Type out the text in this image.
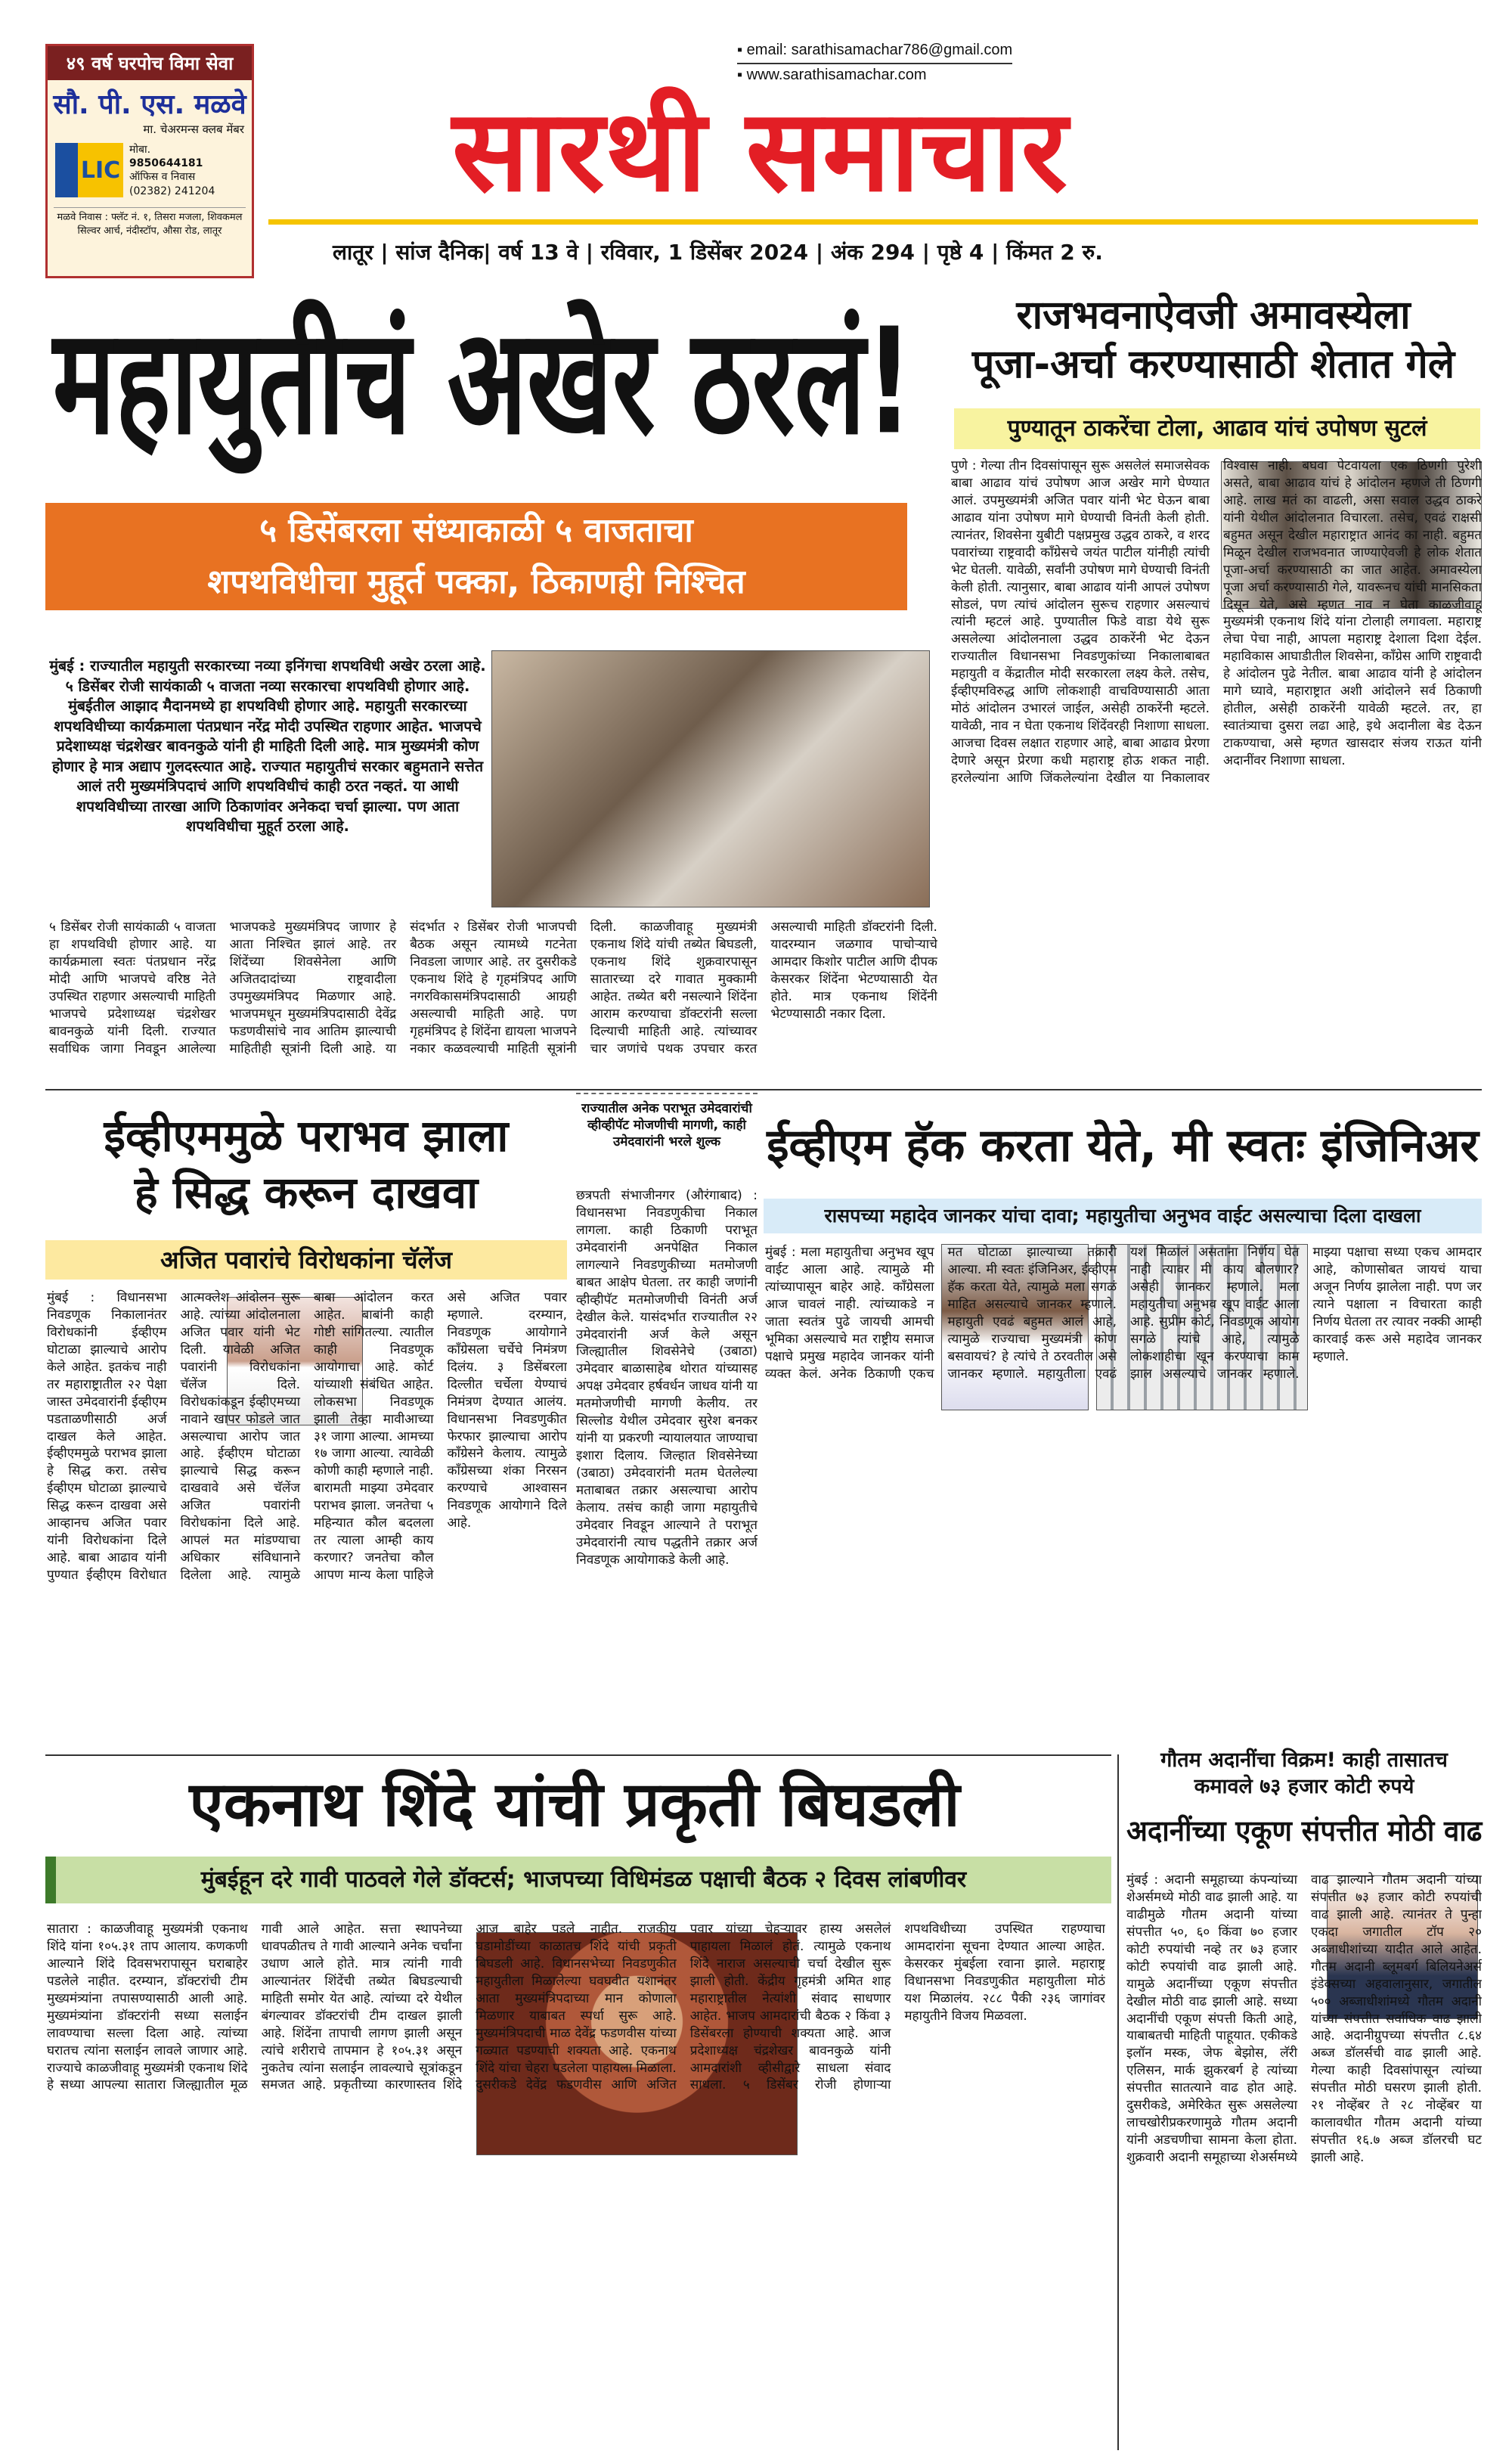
४९ वर्ष घरपोच विमा सेवा
सौ. पी. एस. मळवे
मा. चेअरमन्स क्लब मेंबर
LIC
मोबा.
9850644181
ऑफिस व निवास
(02382) 241204
मळवे निवास : फ्लॅट नं. १, तिसरा मजला, शिवकमल सिल्वर आर्च, नंदीस्टॉप, औसा रोड, लातूर
▪ email: sarathisamachar786@gmail.com
▪ www.sarathisamachar.com
सारथी समाचार
लातूर | सांज दैनिक| वर्ष 13 वे | रविवार, 1 डिसेंबर 2024 | अंक 294 | पृष्ठे 4 | किंमत 2 रु.
महायुतीचं अखेर ठरलं!
५ डिसेंबरला संध्याकाळी ५ वाजताचा
शपथविधीचा मुहूर्त पक्का, ठिकाणही निश्चित
मुंबई : राज्यातील महायुती सरकारच्या नव्या इनिंगचा शपथविधी अखेर ठरला आहे. ५ डिसेंबर रोजी सायंकाळी ५ वाजता नव्या सरकारचा शपथविधी होणार आहे. मुंबईतील आझाद मैदानमध्ये हा शपथविधी होणार आहे. महायुती सरकारच्या शपथविधीच्या कार्यक्रमाला पंतप्रधान नरेंद्र मोदी उपस्थित राहणार आहेत. भाजपचे प्रदेशाध्यक्ष चंद्रशेखर बावनकुळे यांनी ही माहिती दिली आहे. मात्र मुख्यमंत्री कोण होणार हे मात्र अद्याप गुलदस्त्यात आहे. राज्यात महायुतीचं सरकार बहुमताने सत्तेत आलं तरी मुख्यमंत्रिपदाचं आणि शपथविधीचं काही ठरत नव्हतं. या आधी शपथविधीच्या तारखा आणि ठिकाणांवर अनेकदा चर्चा झाल्या. पण आता शपथविधीचा मुहूर्त ठरला आहे.
५ डिसेंबर रोजी सायंकाळी ५ वाजता हा शपथविधी होणार आहे. या कार्यक्रमाला स्वतः पंतप्रधान नरेंद्र मोदी आणि भाजपचे वरिष्ठ नेते उपस्थित राहणार असल्याची माहिती भाजपचे प्रदेशाध्यक्ष चंद्रशेखर बावनकुळे यांनी दिली. राज्यात सर्वाधिक जागा निवडून आलेल्या भाजपकडे मुख्यमंत्रिपद जाणार हे आता निश्चित झालं आहे. तर शिंदेंच्या शिवसेनेला आणि अजितदादांच्या राष्ट्रवादीला उपमुख्यमंत्रिपद मिळणार आहे. भाजपमधून मुख्यमंत्रिपदासाठी देवेंद्र फडणवीसांचे नाव आतिम झाल्याची माहितीही सूत्रांनी दिली आहे. या संदर्भात २ डिसेंबर रोजी भाजपची बैठक असून त्यामध्ये गटनेता निवडला जाणार आहे. तर दुसरीकडे एकनाथ शिंदे हे गृहमंत्रिपद आणि नगरविकासमंत्रिपदासाठी आग्रही असल्याची माहिती आहे. पण गृहमंत्रिपद हे शिंदेंना द्यायला भाजपने नकार कळवल्याची माहिती सूत्रांनी दिली. काळजीवाहू मुख्यमंत्री एकनाथ शिंदे यांची तब्येत बिघडली, एकनाथ शिंदे शुक्रवारपासून सातारच्या दरे गावात मुक्कामी आहेत. तब्येत बरी नसल्याने शिंदेंना आराम करण्याचा डॉक्टरांनी सल्ला दिल्याची माहिती आहे. त्यांच्यावर चार जणांचे पथक उपचार करत असल्याची माहिती डॉक्टरांनी दिली. यादरम्यान जळगाव पाचोऱ्याचे आमदार किशोर पाटील आणि दीपक केसरकर शिंदेंना भेटण्यासाठी येत होते. मात्र एकनाथ शिंदेंनी भेटण्यासाठी नकार दिला.
राजभवनाऐवजी अमावस्येला
पूजा-अर्चा करण्यासाठी शेतात गेले
पुण्यातून ठाकरेंचा टोला, आढाव यांचं उपोषण सुटलं
पुणे : गेल्या तीन दिवसांपासून सुरू असलेलं समाजसेवक बाबा आढाव यांचं उपोषण आज अखेर मागे घेण्यात आलं. उपमुख्यमंत्री अजित पवार यांनी भेट घेऊन बाबा आढाव यांना उपोषण मागे घेण्याची विनंती केली होती. त्यानंतर, शिवसेना युबीटी पक्षप्रमुख उद्धव ठाकरे, व शरद पवारांच्या राष्ट्रवादी काँग्रेसचे जयंत पाटील यांनीही त्यांची भेट घेतली. यावेळी, सर्वांनी उपोषण मागे घेण्याची विनंती केली होती. त्यानुसार, बाबा आढाव यांनी आपलं उपोषण सोडलं, पण त्यांचं आंदोलन सुरूच राहणार असल्याचं त्यांनी म्हटलं आहे. पुण्यातील फिडे वाडा येथे सुरू असलेल्या आंदोलनाला उद्धव ठाकरेंनी भेट देऊन राज्यातील विधानसभा निवडणुकांच्या निकालाबाबत महायुती व केंद्रातील मोदी सरकारला लक्ष्य केले. तसेच, ईव्हीएमविरुद्ध आणि लोकशाही वाचविण्यासाठी आता मोठं आंदोलन उभारलं जाईल, असेही ठाकरेंनी म्हटले. यावेळी, नाव न घेता एकनाथ शिंदेंवरही निशाणा साधला. आजचा दिवस लक्षात राहणार आहे, बाबा आढाव प्रेरणा देणारे असून प्रेरणा कधी महाराष्ट्र होऊ शकत नाही. हरलेल्यांना आणि जिंकलेल्यांना देखील या निकालावर विश्वास नाही. बघवा पेटवायला एक ठिणगी पुरेशी असते, बाबा आढाव यांचं हे आंदोलन म्हणजे ती ठिणगी आहे. लाख मतं का वाढली, असा सवाल उद्धव ठाकरे यांनी येथील आंदोलनात विचारला. तसेच, एवढं राक्षसी बहुमत असून देखील महाराष्ट्रात आनंद का नाही. बहुमत मिळून देखील राजभवनात जाण्याऐवजी हे लोक शेतात पूजा-अर्चा करण्यासाठी का जात आहेत. अमावस्येला पूजा अर्चा करण्यासाठी गेले, यावरूनच यांची मानसिकता दिसून येते, असे म्हणत नाव न घेता काळजीवाहू मुख्यमंत्री एकनाथ शिंदे यांना टोलाही लगावला. महाराष्ट्र लेचा पेचा नाही, आपला महाराष्ट्र देशाला दिशा देईल. महाविकास आघाडीतील शिवसेना, काँग्रेस आणि राष्ट्रवादी हे आंदोलन पुढे नेतील. बाबा आढाव यांनी हे आंदोलन मागे घ्यावे, महाराष्ट्रात अशी आंदोलने सर्व ठिकाणी होतील, असेही ठाकरेंनी यावेळी म्हटले. तर, हा स्वातंत्र्याचा दुसरा लढा आहे, इथे अदानीला बेड देऊन टाकण्याचा, असे म्हणत खासदार संजय राऊत यांनी अदानींवर निशाणा साधला.
ईव्हीएममुळे पराभव झाला
हे सिद्ध करून दाखवा
अजित पवारांचे विरोधकांना चॅलेंज
मुंबई : विधानसभा निवडणूक निकालानंतर विरोधकांनी ईव्हीएम घोटाळा झाल्याचे आरोप केले आहेत. इतकंच नाही तर महाराष्ट्रातील २२ पेक्षा जास्त उमेदवारांनी ईव्हीएम पडताळणीसाठी अर्ज दाखल केले आहेत. ईव्हीएममुळे पराभव झाला हे सिद्ध करा. तसेच ईव्हीएम घोटाळा झाल्याचे सिद्ध करून दाखवा असे आव्हानच अजित पवार यांनी विरोधकांना दिले आहे. बाबा आढाव यांनी पुण्यात ईव्हीएम विरोधात आत्मक्लेश आंदोलन सुरू आहे. त्यांच्या आंदोलनाला अजित पवार यांनी भेट दिली. यावेळी अजित पवारांनी विरोधकांना चॅलेंज दिले. विरोधकांकडून ईव्हीएमच्या नावाने खापर फोडले जात असल्याचा आरोप जात आहे. ईव्हीएम घोटाळा झाल्याचे सिद्ध करून दाखवावे असे चॅलेंज अजित पवारांनी विरोधकांना दिले आहे. आपलं मत मांडण्याचा अधिकार संविधानाने दिलेला आहे. त्यामुळे बाबा आंदोलन करत आहेत. बाबांनी काही गोष्टी सांगितल्या. त्यातील काही निवडणूक आयोगाचा आहे. कोर्ट यांच्याशी संबंधित आहेत. लोकसभा निवडणूक झाली तेव्हा मावीआच्या ३१ जागा आल्या. आमच्या १७ जागा आल्या. त्यावेळी कोणी काही म्हणाले नाही. बारामती माझ्या उमेदवार पराभव झाला. जनतेचा ५ महिन्यात कौल बदलला तर त्याला आम्ही काय करणार? जनतेचा कौल आपण मान्य केला पाहिजे असे अजित पवार म्हणाले. दरम्यान, निवडणूक आयोगाने काँग्रेसला चर्चेचे निमंत्रण दिलंय. ३ डिसेंबरला दिल्लीत चर्चेला येण्याचं निमंत्रण देण्यात आलंय. विधानसभा निवडणुकीत फेरफार झाल्याचा आरोप काँग्रेसने केलाय. त्यामुळे काँग्रेसच्या शंका निरसन करण्याचे आश्वासन निवडणूक आयोगाने दिले आहे.
राज्यातील अनेक पराभूत उमेदवारांची व्हीव्हीपॅट मोजणीची मागणी, काही उमेदवारांनी भरले शुल्क
छत्रपती संभाजीनगर (औरंगाबाद) : विधानसभा निवडणुकीचा निकाल लागला. काही ठिकाणी पराभूत उमेदवारांनी अनपेक्षित निकाल लागल्याने निवडणुकीच्या मतमोजणी बाबत आक्षेप घेतला. तर काही जणांनी व्हीव्हीपॅट मतमोजणीची विनंती अर्ज देखील केले. यासंदर्भात राज्यातील २२ उमेदवारांनी अर्ज केले असून जिल्ह्यातील शिवसेनेचे (उबाठा) उमेदवार बाळासाहेब थोरात यांच्यासह अपक्ष उमेदवार हर्षवर्धन जाधव यांनी या मतमोजणीची मागणी केलीय. तर सिल्लोड येथील उमेदवार सुरेश बनकर यांनी या प्रकरणी न्यायालयात जाण्याचा इशारा दिलाय. जिल्हात शिवसेनेच्या (उबाठा) उमेदवारांनी मतम घेतलेल्या मताबाबत तक्रार असल्याचा आरोप केलाय. तसंच काही जागा महायुतीचे उमेदवार निवडून आल्याने ते पराभूत उमेदवारांनी त्याच पद्धतीने तक्रार अर्ज निवडणूक आयोगाकडे केली आहे.
ईव्हीएम हॅक करता येते, मी स्वतः इंजिनिअर
रासपच्या महादेव जानकर यांचा दावा; महायुतीचा अनुभव वाईट असल्याचा दिला दाखला
मुंबई : मला महायुतीचा अनुभव खूप वाईट आला आहे. त्यामुळे मी त्यांच्यापासून बाहेर आहे. काँग्रेसला आज चावलं नाही. त्यांच्याकडे न जाता स्वतंत्र पुढे जायची आमची भूमिका असल्याचे मत राष्ट्रीय समाज पक्षाचे प्रमुख महादेव जानकर यांनी व्यक्त केलं. अनेक ठिकाणी एकच मत घोटाळा झाल्याच्या तक्रारी आल्या. मी स्वतः इंजिनिअर, ईव्हीएम हॅक करता येते, त्यामुळे मला सगळं माहित असल्याचे जानकर म्हणाले. महायुती एवढं बहुमत आलं आहे, त्यामुळे राज्याचा मुख्यमंत्री कोण बसवायचं? हे त्यांचे ते ठरवतील असे जानकर म्हणाले. महायुतीला एवढं यश मिळालं असताना निर्णय घेत नाही त्यावर मी काय बोलणार? असेही जानकर म्हणाले. मला महायुतीचा अनुभव खूप वाईट आला आहे. सुप्रीम कोर्ट, निवडणूक आयोग सगळे त्यांचे आहे, त्यामुळे लोकशाहीचा खून करण्याचा काम झाल असल्याचे जानकर म्हणाले. माझ्या पक्षाचा सध्या एकच आमदार आहे, कोणासोबत जायचं याचा अजून निर्णय झालेला नाही. पण जर त्याने पक्षाला न विचारता काही निर्णय घेतला तर त्यावर नक्की आम्ही कारवाई करू असे महादेव जानकर म्हणाले.
एकनाथ शिंदे यांची प्रकृती बिघडली
मुंबईहून दरे गावी पाठवले गेले डॉक्टर्स; भाजपच्या विधिमंडळ पक्षाची बैठक २ दिवस लांबणीवर
सातारा : काळजीवाहू मुख्यमंत्री एकनाथ शिंदे यांना १०५.३१ ताप आलाय. कणकणी आल्याने शिंदे दिवसभरापासून घराबाहेर पडलेले नाहीत. दरम्यान, डॉक्टरांची टीम मुख्यमंत्र्यांना तपासण्यासाठी आली आहे. मुख्यमंत्र्यांना डॉक्टरांनी सध्या सलाईन लावण्याचा सल्ला दिला आहे. त्यांच्या घरातच त्यांना सलाईन लावले जाणार आहे. राज्याचे काळजीवाहू मुख्यमंत्री एकनाथ शिंदे हे सध्या आपल्या सातारा जिल्ह्यातील मूळ गावी आले आहेत. सत्ता स्थापनेच्या धावपळीतच ते गावी आल्याने अनेक चर्चांना उधाण आले होते. मात्र त्यांनी गावी आल्यानंतर शिंदेंची तब्येत बिघडल्याची माहिती समोर येत आहे. त्यांच्या दरे येथील बंगल्यावर डॉक्टरांची टीम दाखल झाली आहे. शिंदेंना तापाची लागण झाली असून त्यांचे शरीराचे तापमान हे १०५.३१ असून नुकतेच त्यांना सलाईन लावल्याचे सूत्रांकडून समजत आहे. प्रकृतीच्या कारणास्तव शिंदे आज बाहेर पडले नाहीत. राजकीय घडामोडींच्या काळातच शिंदे यांची प्रकृती बिघडली आहे. विधानसभेच्या निवडणुकीत महायुतीला मिळालेल्या घवघवीत यशानंतर आता मुख्यमंत्रिपदाच्या मान कोणाला मिळणार याबाबत स्पर्धा सुरू आहे. मुख्यमंत्रिपदाची माळ देवेंद्र फडणवीस यांच्या गळ्यात पडण्याची शक्यता आहे. एकनाथ शिंदे यांचा चेहरा पडलेला पाहायला मिळाला. दुसरीकडे देवेंद्र फडणवीस आणि अजित पवार यांच्या चेहऱ्यावर हास्य असलेलं पाहायला मिळालं होतं. त्यामुळे एकनाथ शिंदे नाराज असल्याची चर्चा देखील सुरू झाली होती. केंद्रीय गृहमंत्री अमित शाह महाराष्ट्रातील नेत्यांशी संवाद साधणार आहेत. भाजप आमदारांची बैठक २ किंवा ३ डिसेंबरला होण्याची शक्यता आहे. आज प्रदेशाध्यक्ष चंद्रशेखर बावनकुळे यांनी आमदारांशी व्हीसीद्वारे साधला संवाद साधला. ५ डिसेंबर रोजी होणाऱ्या शपथविधीच्या उपस्थित राहण्याचा आमदारांना सूचना देण्यात आल्या आहेत. केसरकर मुंबईला रवाना झाले. महाराष्ट्र विधानसभा निवडणुकीत महायुतीला मोठं यश मिळालंय. २८८ पैकी २३६ जागांवर महायुतीने विजय मिळवला.
गौतम अदानींचा विक्रम! काही तासातच
कमावले ७३ हजार कोटी रुपये
अदानींच्या एकूण संपत्तीत मोठी वाढ
मुंबई : अदानी समूहाच्या कंपन्यांच्या शेअर्समध्ये मोठी वाढ झाली आहे. या वाढीमुळे गौतम अदानी यांच्या संपत्तीत ५०, ६० किंवा ७० हजार कोटी रुपयांची नव्हे तर ७३ हजार कोटी रुपयांची वाढ झाली आहे. यामुळे अदानींच्या एकूण संपत्तीत देखील मोठी वाढ झाली आहे. सध्या अदानींची एकूण संपत्ती किती आहे, याबाबतची माहिती पाहूयात. एकीकडे इलॉन मस्क, जेफ बेझोस, लॅरी एलिसन, मार्क झुकरबर्ग हे त्यांच्या संपत्तीत सातत्याने वाढ होत आहे. दुसरीकडे, अमेरिकेत सुरू असलेल्या लाचखोरीप्रकरणामुळे गौतम अदानी यांनी अडचणीचा सामना केला होता. शुक्रवारी अदानी समूहाच्या शेअर्समध्ये वाढ झाल्याने गौतम अदानी यांच्या संपत्तीत ७३ हजार कोटी रुपयांची वाढ झाली आहे. त्यानंतर ते पुन्हा एकदा जगातील टॉप २० अब्जाधीशांच्या यादीत आले आहेत. गौतम अदानी ब्लूमबर्ग बिलियनेअर्स इंडेक्सच्या अहवालानुसार, जगातील ५०० अब्जाधीशांमध्ये गौतम अदानी यांच्या संपत्तीत सर्वाधिक वाढ झाली आहे. अदानीग्रुपच्या संपत्तीत ८.६४ अब्ज डॉलर्सची वाढ झाली आहे. गेल्या काही दिवसांपासून त्यांच्या संपत्तीत मोठी घसरण झाली होती. २१ नोव्हेंबर ते २८ नोव्हेंबर या कालावधीत गौतम अदानी यांच्या संपत्तीत १६.७ अब्ज डॉलरची घट झाली आहे.
